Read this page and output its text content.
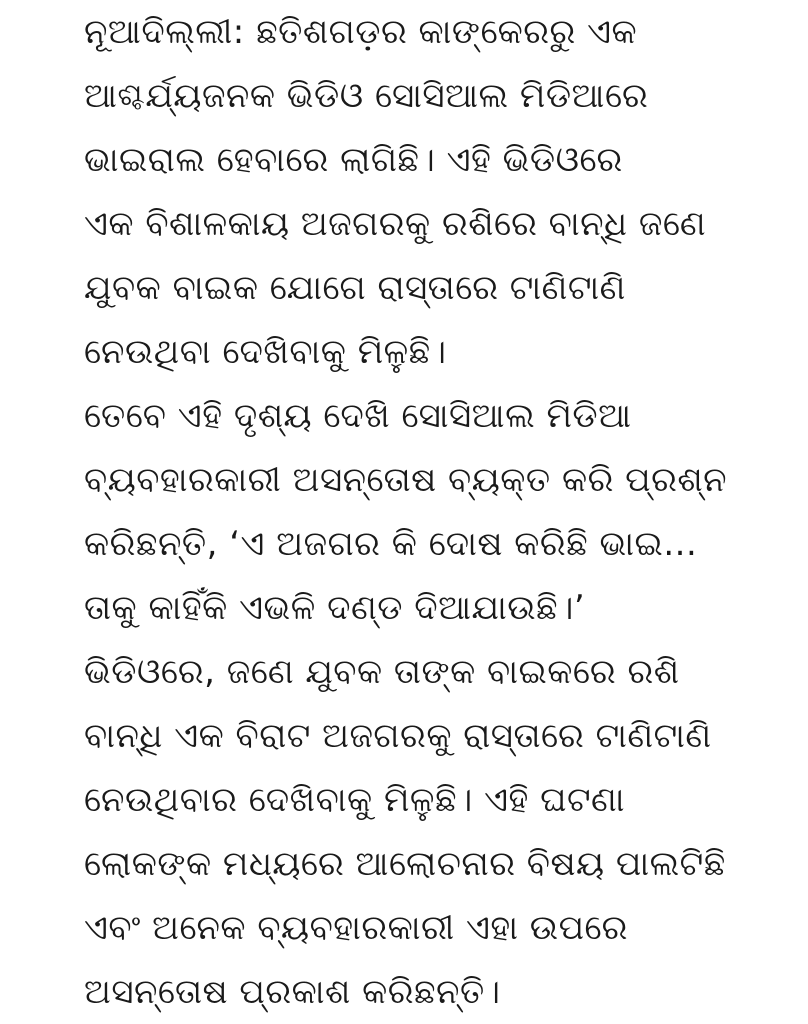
ନୂଆଦିଲ୍ଲୀ: ଛତିଶଗଡ଼ର କାଙ୍କେରରୁ ଏକ
ଆଶ୍ଚର୍ଯ୍ୟଜନକ ଭିଡିଓ ସୋସିଆଲ ମିଡିଆରେ
ଭାଇରାଲ ହେବାରେ ଲାଗିଛି। ଏହି ଭିଡିଓରେ
ଏକ ବିଶାଳକାୟ ଅଜଗରକୁ ରଶିରେ ବାନ୍ଧି ଜଣେ
ଯୁବକ ବାଇକ ଯୋଗେ ରାସ୍ତାରେ ଟାଣିଟାଣି
ନେଉଥିବା ଦେଖିବାକୁ ମିଳୁଛି।

ତେବେ ଏହି ଦୃଶ୍ୟ ଦେଖି ସୋସିଆଲ ମିଡିଆ
ବ୍ୟବହାରକାରୀ ଅସନ୍ତୋଷ ବ୍ୟକ୍ତ କରି ପ୍ରଶ୍ନ
କରିଛନ୍ତି, ‘ଏ ଅଜଗର କି ଦୋଷ କରିଛି ଭାଇ...
ତାକୁ କାହିଁକି ଏଭଳି ଦଣ୍ଡ ଦିଆଯାଉଛି।’

ଭିଡିଓରେ, ଜଣେ ଯୁବକ ତାଙ୍କ ବାଇକରେ ରଶି
ବାନ୍ଧି ଏକ ବିରାଟ ଅଜଗରକୁ ରାସ୍ତାରେ ଟାଣିଟାଣି
ନେଉଥିବାର ଦେଖିବାକୁ ମିଳୁଛି। ଏହି ଘଟଣା
ଲୋକଙ୍କ ମଧ୍ୟରେ ଆଲୋଚନାର ବିଷୟ ପାଲଟିଛି
ଏବଂ ଅନେକ ବ୍ୟବହାରକାରୀ ଏହା ଉପରେ
ଅସନ୍ତୋଷ ପ୍ରକାଶ କରିଛନ୍ତି।
